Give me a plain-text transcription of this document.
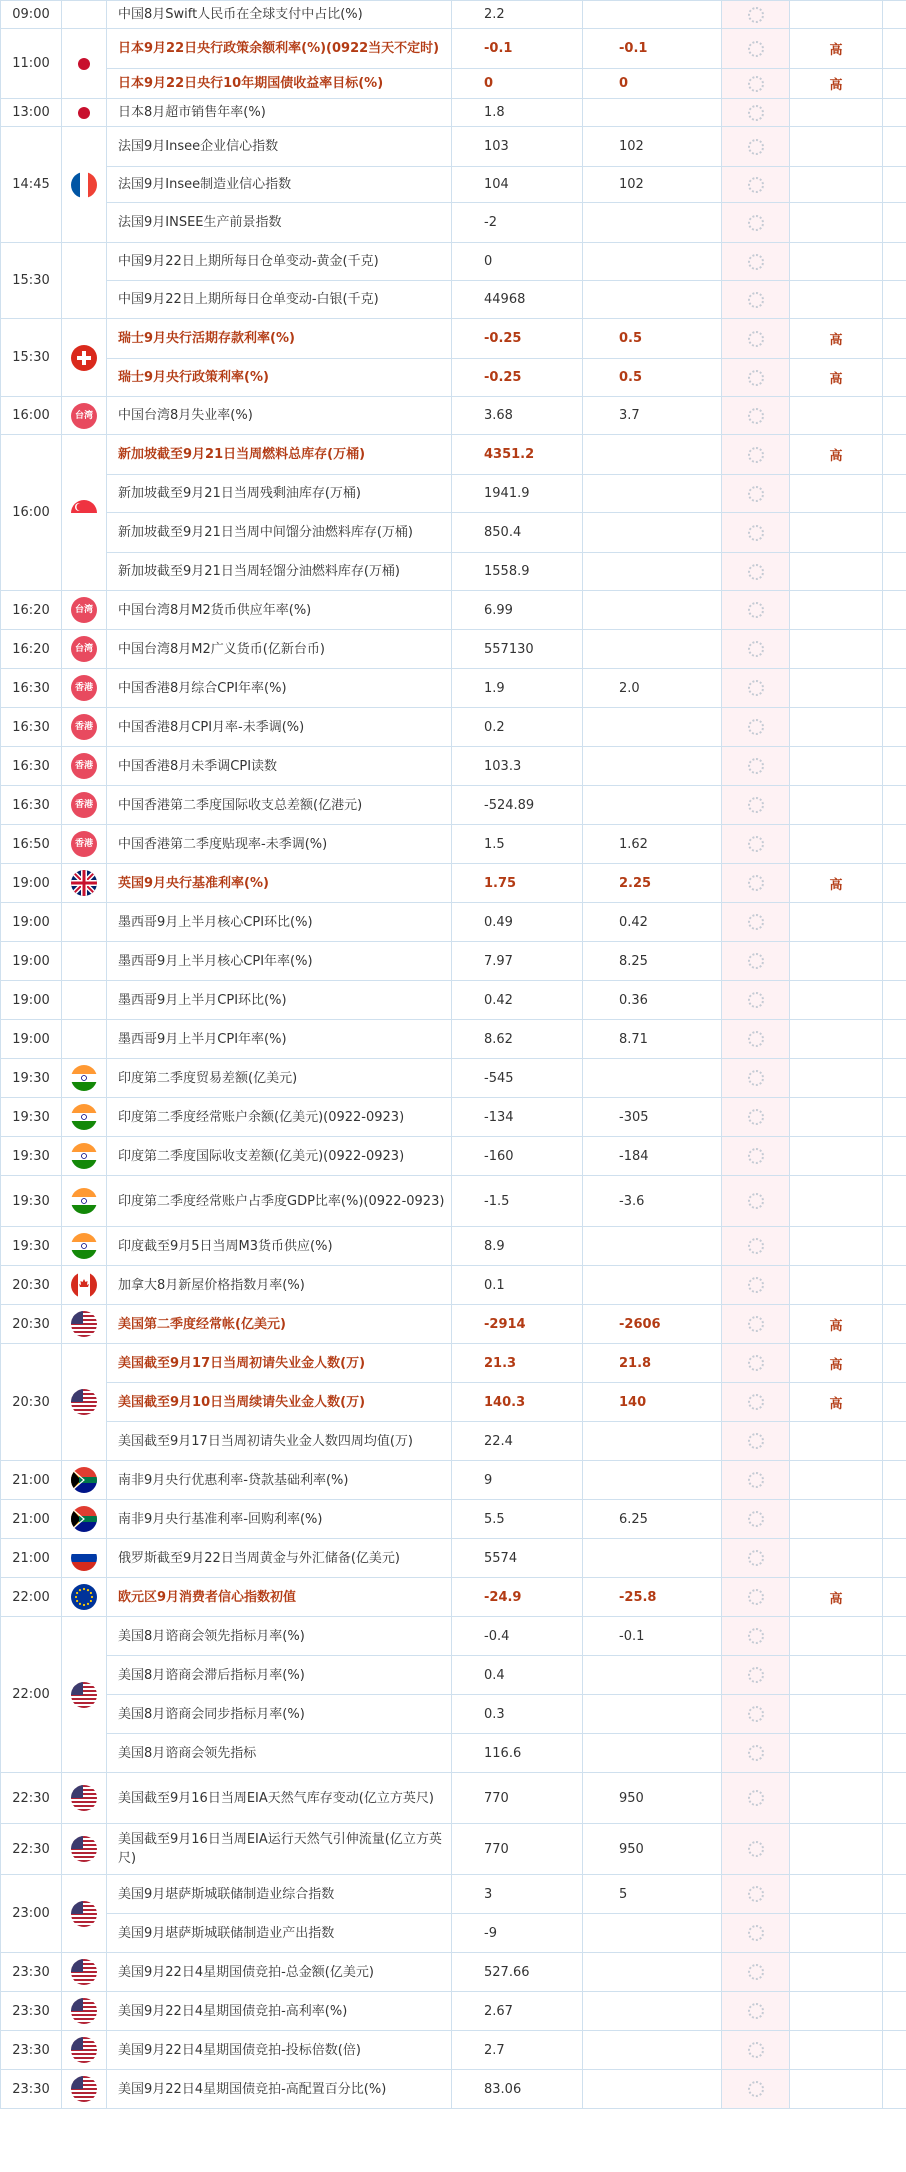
09:00		中国8月Swift人民币在全球支付中占比(%)	2.2				
11:00		日本9月22日央行政策余额利率(%)(0922当天不定时)	-0.1	-0.1		高	
		日本9月22日央行10年期国债收益率目标(%)	0	0		高	
13:00		日本8月超市销售年率(%)	1.8				
14:45		法国9月Insee企业信心指数	103	102			
		法国9月Insee制造业信心指数	104	102			
		法国9月INSEE生产前景指数	-2				
15:30		中国9月22日上期所每日仓单变动-黄金(千克)	0				
		中国9月22日上期所每日仓单变动-白银(千克)	44968				
15:30		瑞士9月央行活期存款利率(%)	-0.25	0.5		高	
		瑞士9月央行政策利率(%)	-0.25	0.5		高	
16:00	台湾	中国台湾8月失业率(%)	3.68	3.7			
16:00		新加坡截至9月21日当周燃料总库存(万桶)	4351.2			高	
		新加坡截至9月21日当周残剩油库存(万桶)	1941.9				
		新加坡截至9月21日当周中间馏分油燃料库存(万桶)	850.4				
		新加坡截至9月21日当周轻馏分油燃料库存(万桶)	1558.9				
16:20	台湾	中国台湾8月M2货币供应年率(%)	6.99				
16:20	台湾	中国台湾8月M2广义货币(亿新台币)	557130				
16:30	香港	中国香港8月综合CPI年率(%)	1.9	2.0			
16:30	香港	中国香港8月CPI月率-未季调(%)	0.2				
16:30	香港	中国香港8月未季调CPI读数	103.3				
16:30	香港	中国香港第二季度国际收支总差额(亿港元)	-524.89				
16:50	香港	中国香港第二季度贴现率-未季调(%)	1.5	1.62			
19:00		英国9月央行基准利率(%)	1.75	2.25		高	
19:00		墨西哥9月上半月核心CPI环比(%)	0.49	0.42			
19:00		墨西哥9月上半月核心CPI年率(%)	7.97	8.25			
19:00		墨西哥9月上半月CPI环比(%)	0.42	0.36			
19:00		墨西哥9月上半月CPI年率(%)	8.62	8.71			
19:30		印度第二季度贸易差额(亿美元)	-545				
19:30		印度第二季度经常账户余额(亿美元)(0922-0923)	-134	-305			
19:30		印度第二季度国际收支差额(亿美元)(0922-0923)	-160	-184			
19:30		印度第二季度经常账户占季度GDP比率(%)(0922-0923)	-1.5	-3.6			
19:30		印度截至9月5日当周M3货币供应(%)	8.9				
20:30		加拿大8月新屋价格指数月率(%)	0.1				
20:30		美国第二季度经常帐(亿美元)	-2914	-2606		高	
20:30		美国截至9月17日当周初请失业金人数(万)	21.3	21.8		高	
		美国截至9月10日当周续请失业金人数(万)	140.3	140		高	
		美国截至9月17日当周初请失业金人数四周均值(万)	22.4				
21:00		南非9月央行优惠利率-贷款基础利率(%)	9				
21:00		南非9月央行基准利率-回购利率(%)	5.5	6.25			
21:00		俄罗斯截至9月22日当周黄金与外汇储备(亿美元)	5574				
22:00		欧元区9月消费者信心指数初值	-24.9	-25.8		高	
22:00		美国8月谘商会领先指标月率(%)	-0.4	-0.1			
		美国8月谘商会滞后指标月率(%)	0.4				
		美国8月谘商会同步指标月率(%)	0.3				
		美国8月谘商会领先指标	116.6				
22:30		美国截至9月16日当周EIA天然气库存变动(亿立方英尺)	770	950			
22:30		美国截至9月16日当周EIA运行天然气引伸流量(亿立方英尺)	770	950			
23:00		美国9月堪萨斯城联储制造业综合指数	3	5			
		美国9月堪萨斯城联储制造业产出指数	-9				
23:30		美国9月22日4星期国债竞拍-总金额(亿美元)	527.66				
23:30		美国9月22日4星期国债竞拍-高利率(%)	2.67				
23:30		美国9月22日4星期国债竞拍-投标倍数(倍)	2.7				
23:30		美国9月22日4星期国债竞拍-高配置百分比(%)	83.06				
